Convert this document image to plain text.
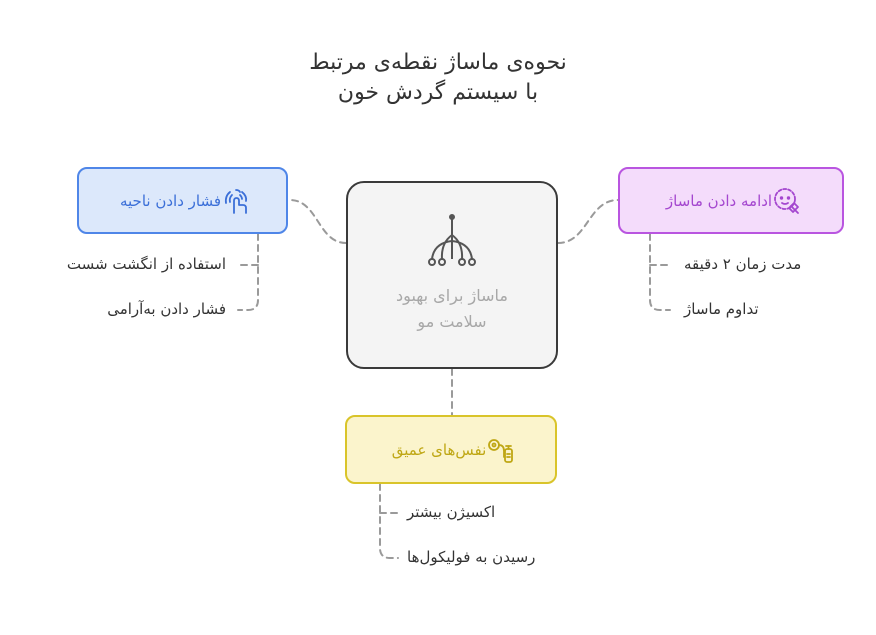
نحوه‌ی ماساژ نقطه‌ی مرتبط
با سیستم گردش خون
ماساژ برای بهبود
سلامت مو
فشار دادن ناحیه	ادامه دادن ماساژ
نفس‌های عمیق
استفاده از انگشت شست
فشار دادن به‌آرامی
مدت زمان ۲ دقیقه
تداوم ماساژ
اکسیژن بیشتر
رسیدن به فولیکول‌ها
